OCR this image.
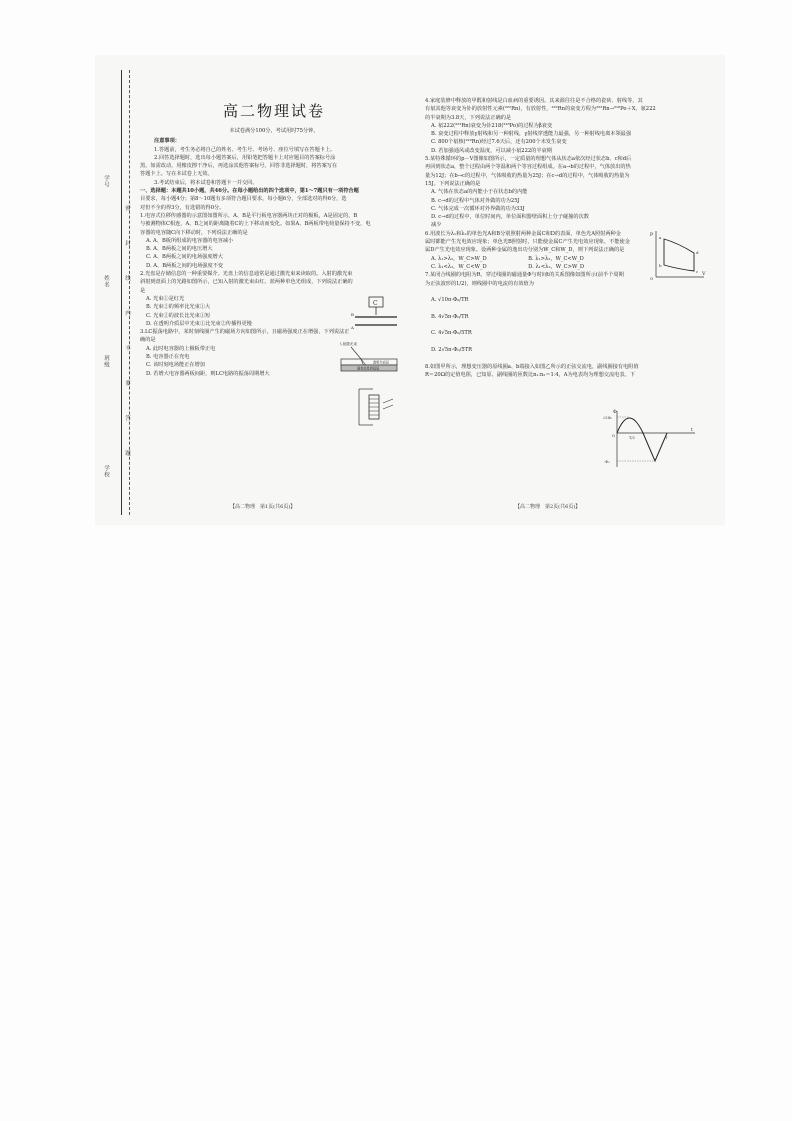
学号
姓名
班级
学校
密
封
线
内
不
要
答
题
高二物理试卷

本试卷满分100分，考试用时75分钟。

注意事项：

1.答题前，考生务必将自己的姓名、考生号、考场号、座位号填写在答题卡上。

2.回答选择题时，选出每小题答案后，用铅笔把答题卡上对应题目的答案标号涂

黑。如需改动，用橡皮擦干净后，再选涂其他答案标号。回答非选择题时，将答案写在

答题卡上。写在本试卷上无效。

3.考试结束后，将本试卷和答题卡一并交回。

一、选择题：本题共10小题，共46分。在每小题给出的四个选项中，第1～7题只有一项符合题

目要求，每小题4分；第8～10题有多项符合题目要求，每小题6分，全部选对的得6分，选

对但不全的得3分，有选错的得0分。

1.电容式位移传感器的示意图如图所示，A、B是平行板电容器两块正对的极板，A是固定的，B

与被测物体C相连，A、B之间的距离随着C的上下移动而变化。如果A、B两板带电荷量保持不变，电

容器的电容随C向下移动时，下列说法正确的是

A. A、B板所组成的电容器的电容减小

B. A、B两板之间的电压增大

C. A、B两板之间的电场强度增大

D. A、B两板之间的电场强度不变

2.光盘是存储信息的一种重要媒介。光盘上的信息通常是通过激光束来读取的。入射的激光束

斜射到盘面上的光路如图所示，已知入射的激光束由红、蓝两种单色光组成，下列说法正确的

是

A. 光束①是红光

B. 光束②的频率比光束①大

C. 光束②的波长比光束①短

D. 在透明介质层中光束①比光束②传播得更慢

3.LC振荡电路中，某时刻线圈产生的磁场方向如图所示，且磁场强度正在增强，下列说法正

确的是

A. 此时电容器的上极板带正电

B. 电容器正在充电

C. 该时刻电场能正在增加

D. 若增大电容器两板间距，则LC电路的振荡周期增大

4.家庭装修中释放的甲醛和射线是白血病的重要诱因。其来源往往是不合格的瓷砖、射线等，其

有氡其他等衰变为钋的放射性元素(²²²Rn)，有放射性，²²²Rn的衰变方程为²²²Rn→²¹⁸Po＋X，氡222

的半衰期为3.8天，下列说法正确的是

A. 氡222(²²²Rn)衰变为钋218(²¹⁸Po)的过程为β衰变

B. 衰变过程中释放γ射线和另一种射线，γ射线穿透能力最强，另一种射线电离本领最强

C. 800个氡核(²²²Rn)经过7.6天后，还有200个未发生衰变

D. 若加强通风或改变温度，可以减小氡222的半衰期

5.某特殊循环的p－V图像如图所示，一定质量的理想气体从状态a依次经过状态b、c和d后

再回到状态a，整个过程由两个等温和两个等容过程组成。在a→b的过程中，气体放出的热

量为12J；在b→c的过程中，气体吸收的热量为25J；在c→d的过程中，气体吸收的热量为

15J。下列说法正确的是

A. 气体在状态a的内能小于在状态b的内能

B. c→d的过程中气体对外做的功为25J

C. 气体完成一次循环对外界做的功为33J

D. c→d的过程中，单位时间内，单位面积器壁面积上分子碰撞的次数

减少

6.用波长为λ₁和λ₂的单色光A和B分别照射两种金属C和D的表面，单色光A照射两种金

属时都能产生光电效应现象；单色光B照射时，只能使金属C产生光电效应现象，不能使金

属D产生光电效应现象。设两种金属的逸出功分别为W_C和W_D，则下列说法正确的是

A. λ₁>λ₂，W_C>W_D　　　　　　　　B. λ₁>λ₂，W_C<W_D

C. λ₁<λ₂，W_C<W_D　　　　　　　　D. λ₁<λ₂，W_C>W_D

7.某闭合线圈的电阻为R，穿过线圈的磁通量Φ与时间t的关系图像如图所示(前半个周期

为正弦波形的1/2)，则线圈中的电流的有效值为

A. √10π·Φ₀/TR

B. 4√5π·Φ₀/TR

C. 4√5π·Φ₀/5TR

D. 2√5π·Φ₀/5TR

8.如图甲所示，理想变压器的原线圈a、b端接入如图乙所示的正弦交流电，副线圈接有电阻值

R＝20Ω的定值电阻，已知原、副线圈的匝数比n₁∶n₂＝1∶4，A为电表均为理想交流电表。下

C
B
A
入射激光束
透明介质层
载有信息的基层
p
V
O
a
b
c
d
Φ
t
√2Φ₀
T/2	T
-Φ₀
O
【高二物理　第1页(共6页)】	【高二物理　第2页(共6页)】
